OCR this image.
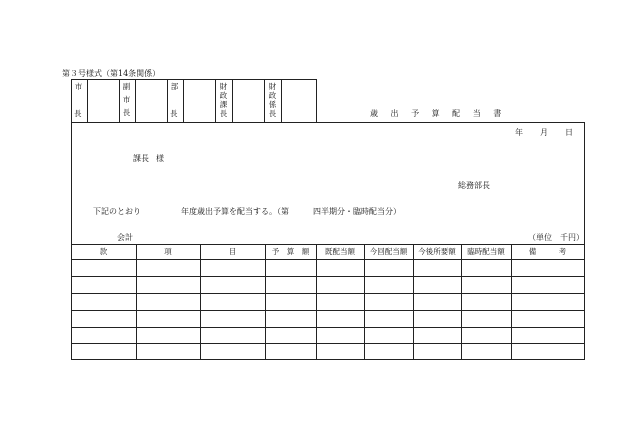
第３号様式（第14条関係）
市
長
副
市
長
部
長
財
政
課
長
財
政
係
長	歳 出 予 算 配 当 書
年 月 日
課長 様
総務部長
下記のとおり	年度歳出予算を配当する。（第	四半期分・臨時配当分）
会計	（単位　千円）
款	項	目	予　算　額	既配当額	今回配当額	今後所要額	臨時配当額	備　　　考
